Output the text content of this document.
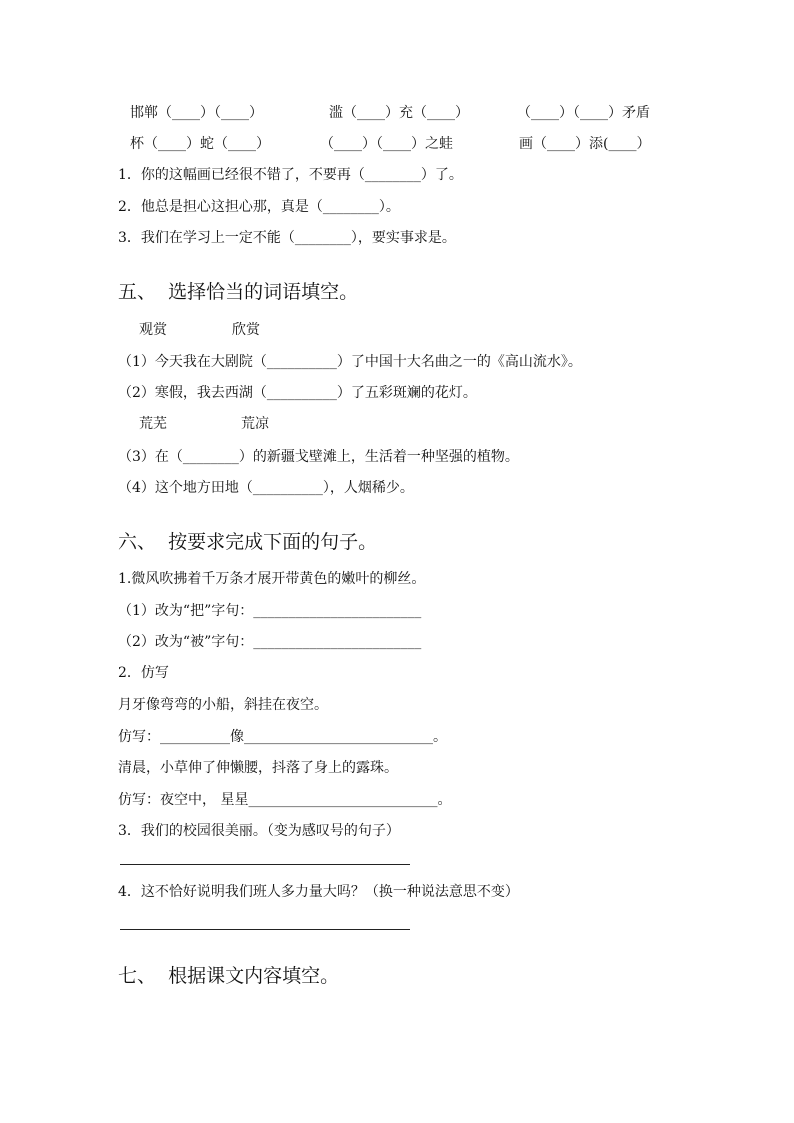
邯郸（____）（____）	滥（____）充（____）	（____）（____）矛盾
杯（____）蛇（____）	（____）（____）之蛙	画（____）添(____）
1．你的这幅画已经很不错了，不要再（________）了。
2．他总是担心这担心那，真是（________）。
3．我们在学习上一定不能（________），要实事求是。
五、  选择恰当的词语填空。
观赏	欣赏
（1）今天我在大剧院（__________）了中国十大名曲之一的《高山流水》。
（2）寒假，我去西湖（__________）了五彩斑斓的花灯。
荒芜	荒凉
（3）在（________）的新疆戈壁滩上，生活着一种坚强的植物。
（4）这个地方田地（__________），人烟稀少。
六、  按要求完成下面的句子。
1.微风吹拂着千万条才展开带黄色的嫩叶的柳丝。
（1）改为“把”字句：________________________
（2）改为“被”字句：________________________
2．仿写
月牙像弯弯的小船，斜挂在夜空。
仿写：__________像___________________________。
清晨，小草伸了伸懒腰，抖落了身上的露珠。
仿写：夜空中， 星星___________________________。
3．我们的校园很美丽。（变为感叹号的句子）
4．这不恰好说明我们班人多力量大吗？（换一种说法意思不变）
七、  根据课文内容填空。
